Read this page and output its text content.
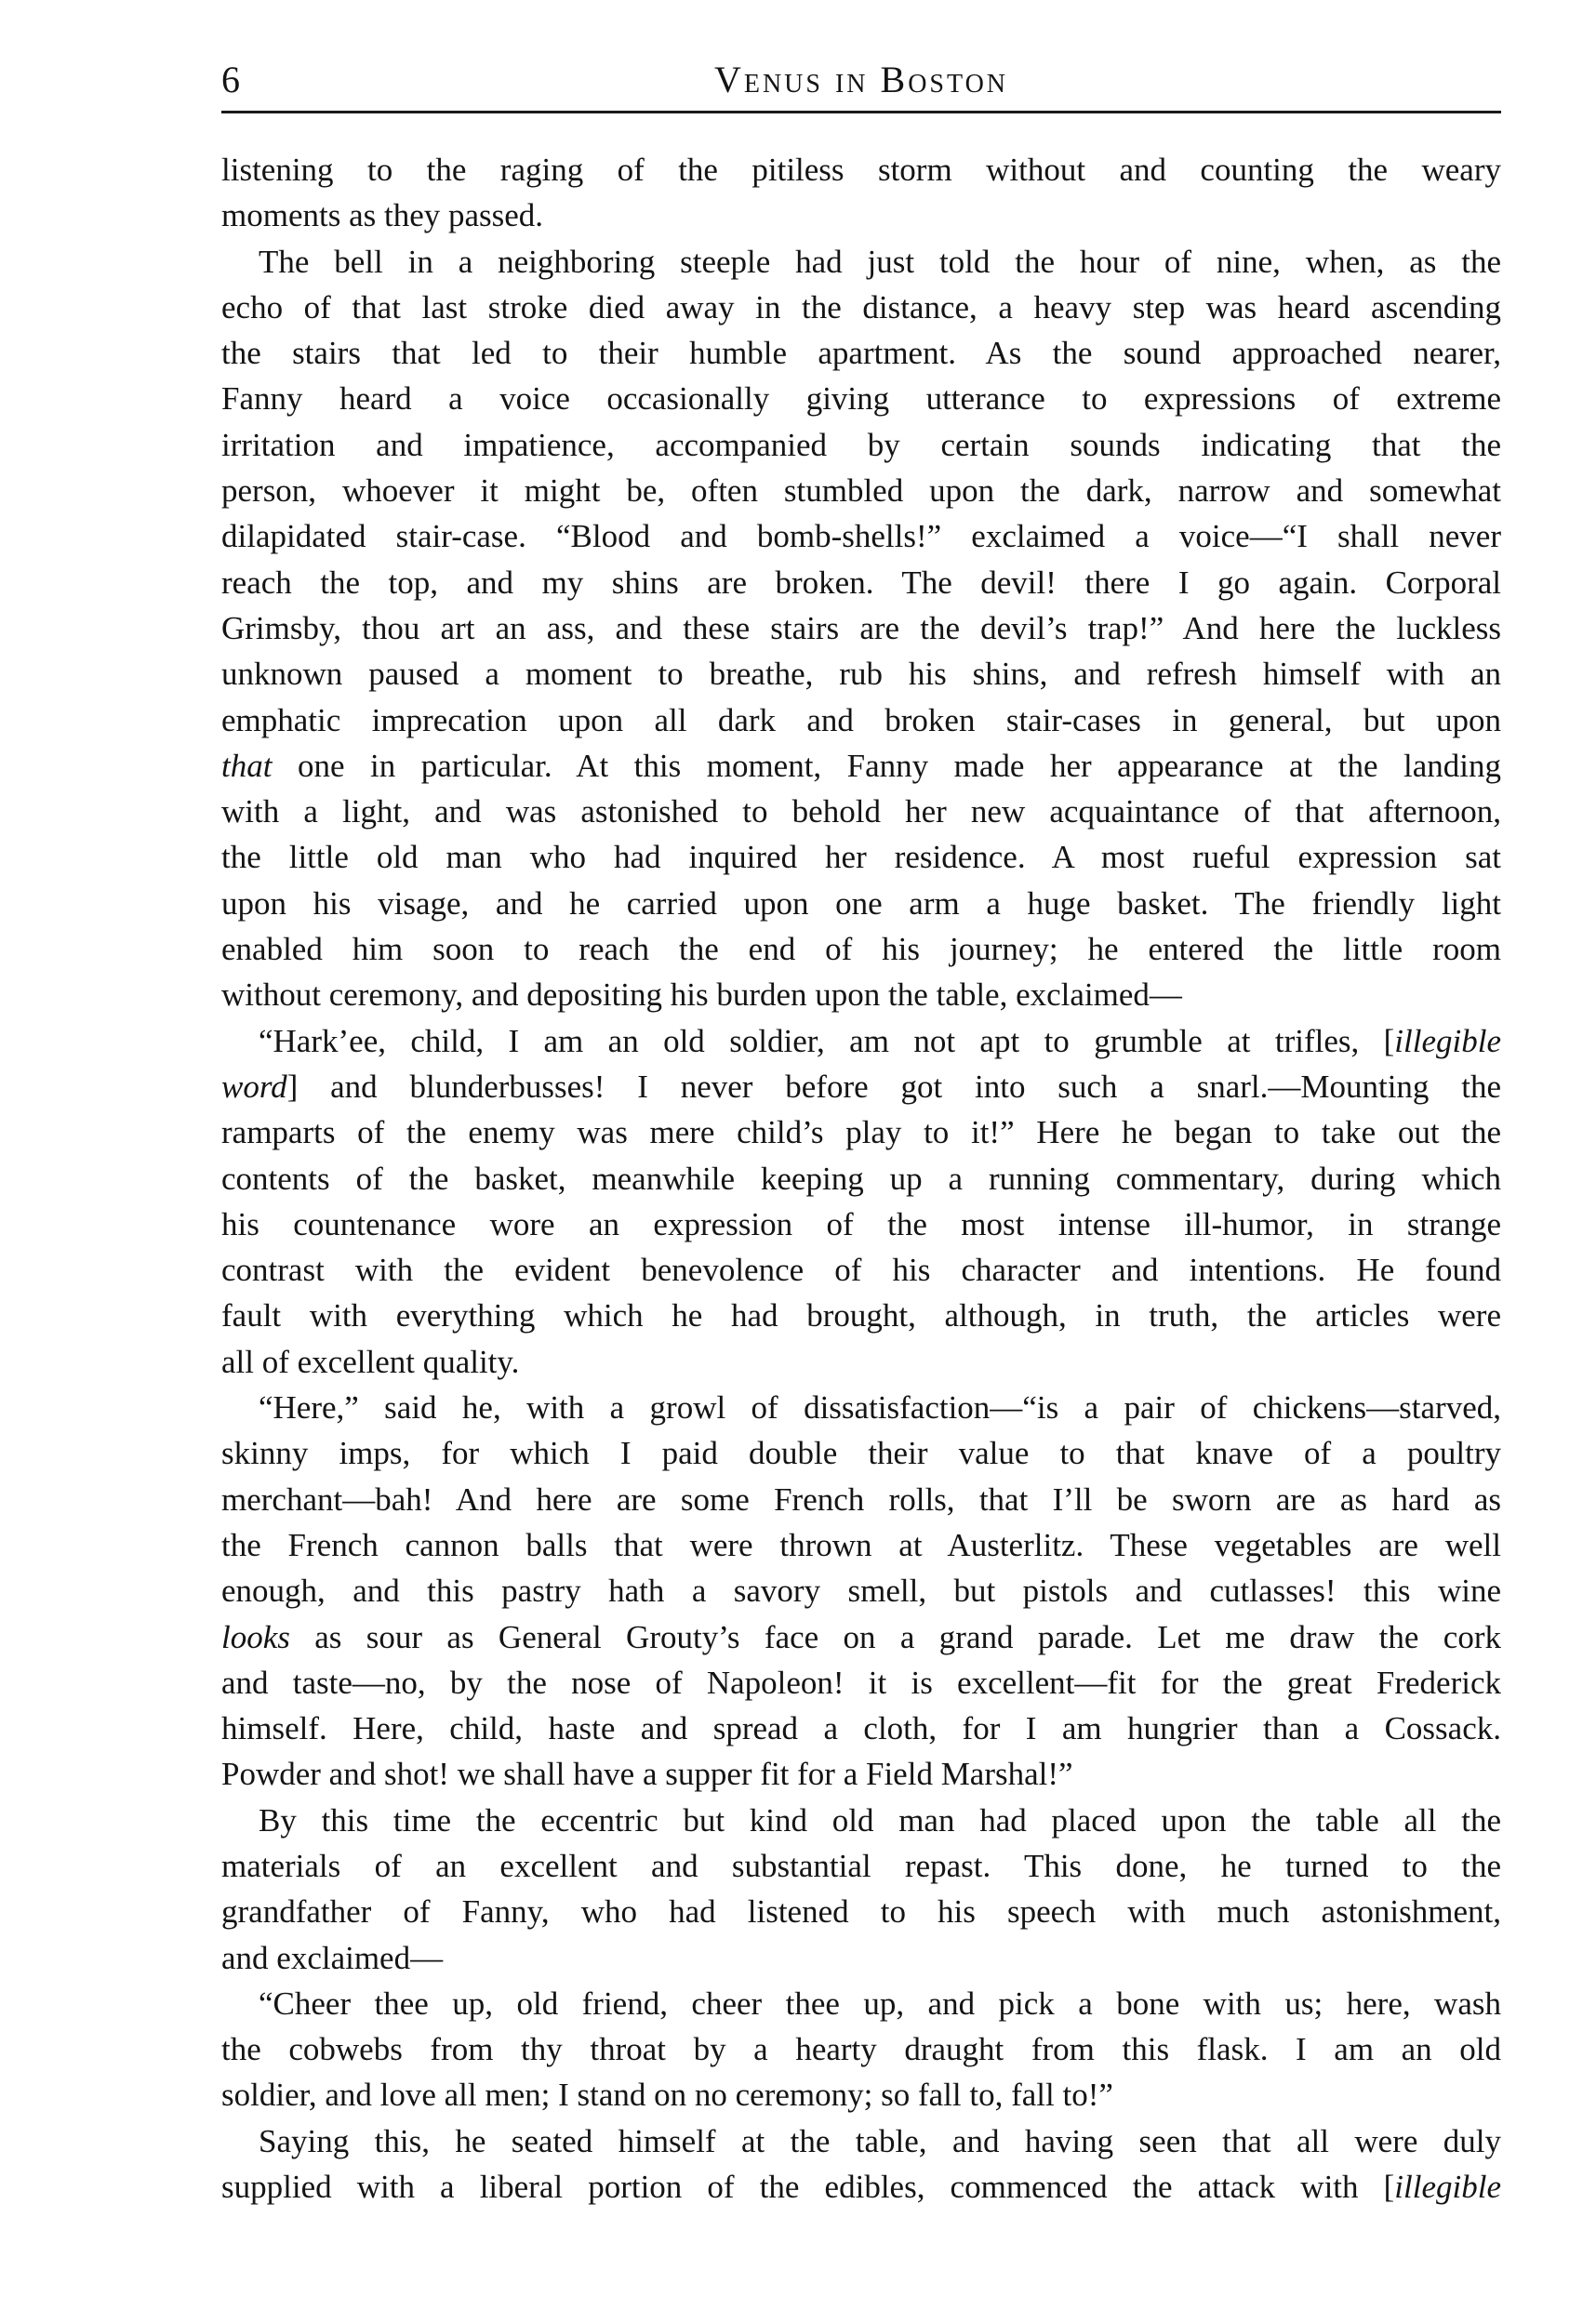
6	Venus in Boston
listening to the raging of the pitiless storm without and counting the weary
moments as they passed.
The bell in a neighboring steeple had just told the hour of nine, when, as the
echo of that last stroke died away in the distance, a heavy step was heard ascending
the stairs that led to their humble apartment. As the sound approached nearer,
Fanny heard a voice occasionally giving utterance to expressions of extreme
irritation and impatience, accompanied by certain sounds indicating that the
person, whoever it might be, often stumbled upon the dark, narrow and somewhat
dilapidated stair-case. “Blood and bomb-shells!” exclaimed a voice—“I shall never
reach the top, and my shins are broken. The devil! there I go again. Corporal
Grimsby, thou art an ass, and these stairs are the devil’s trap!” And here the luckless
unknown paused a moment to breathe, rub his shins, and refresh himself with an
emphatic imprecation upon all dark and broken stair-cases in general, but upon
that one in particular. At this moment, Fanny made her appearance at the landing
with a light, and was astonished to behold her new acquaintance of that afternoon,
the little old man who had inquired her residence. A most rueful expression sat
upon his visage, and he carried upon one arm a huge basket. The friendly light
enabled him soon to reach the end of his journey; he entered the little room
without ceremony, and depositing his burden upon the table, exclaimed—
“Hark’ee, child, I am an old soldier, am not apt to grumble at trifles, [illegible
word] and blunderbusses! I never before got into such a snarl.—Mounting the
ramparts of the enemy was mere child’s play to it!” Here he began to take out the
contents of the basket, meanwhile keeping up a running commentary, during which
his countenance wore an expression of the most intense ill-humor, in strange
contrast with the evident benevolence of his character and intentions. He found
fault with everything which he had brought, although, in truth, the articles were
all of excellent quality.
“Here,” said he, with a growl of dissatisfaction—“is a pair of chickens—starved,
skinny imps, for which I paid double their value to that knave of a poultry
merchant—bah! And here are some French rolls, that I’ll be sworn are as hard as
the French cannon balls that were thrown at Austerlitz. These vegetables are well
enough, and this pastry hath a savory smell, but pistols and cutlasses! this wine
looks as sour as General Grouty’s face on a grand parade. Let me draw the cork
and taste—no, by the nose of Napoleon! it is excellent—fit for the great Frederick
himself. Here, child, haste and spread a cloth, for I am hungrier than a Cossack.
Powder and shot! we shall have a supper fit for a Field Marshal!”
By this time the eccentric but kind old man had placed upon the table all the
materials of an excellent and substantial repast. This done, he turned to the
grandfather of Fanny, who had listened to his speech with much astonishment,
and exclaimed—
“Cheer thee up, old friend, cheer thee up, and pick a bone with us; here, wash
the cobwebs from thy throat by a hearty draught from this flask. I am an old
soldier, and love all men; I stand on no ceremony; so fall to, fall to!”
Saying this, he seated himself at the table, and having seen that all were duly
supplied with a liberal portion of the edibles, commenced the attack with [illegible
